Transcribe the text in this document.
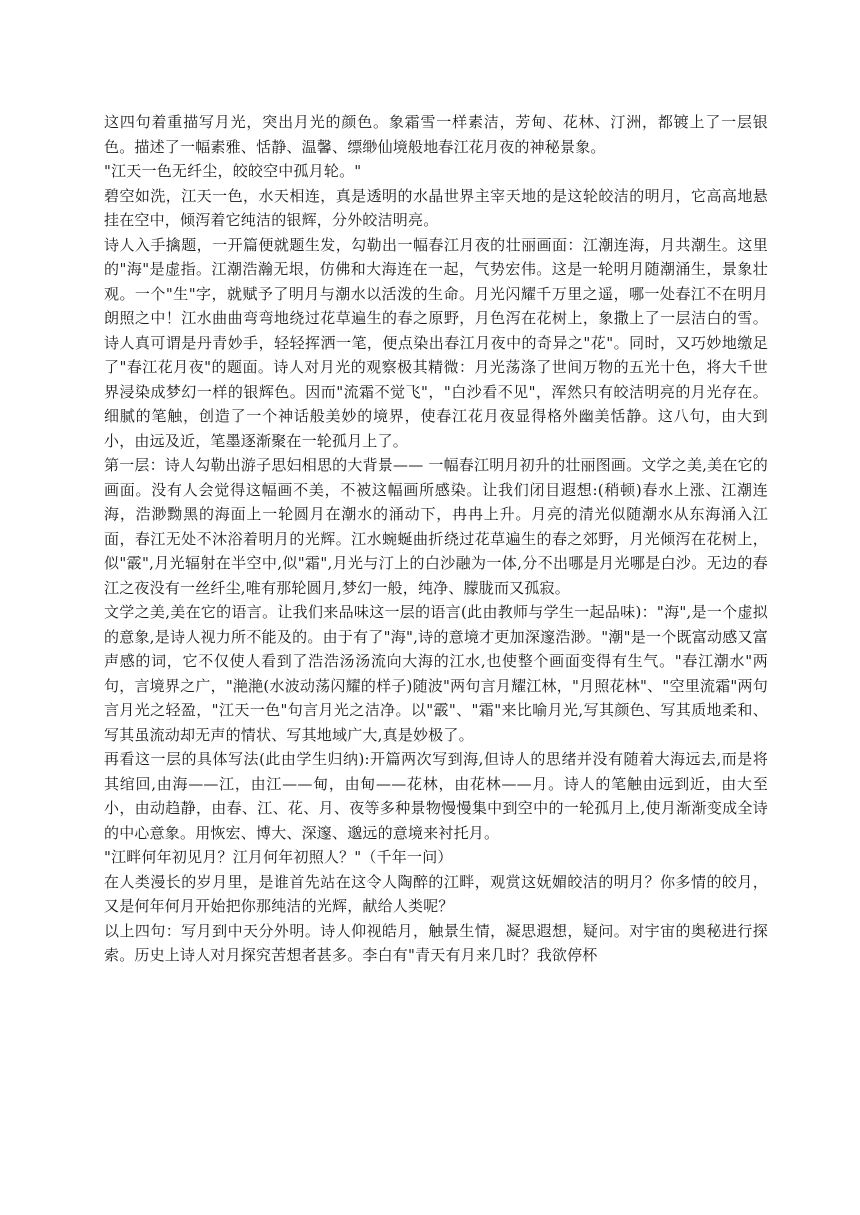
这四句着重描写月光，突出月光的颜色。象霜雪一样素洁，芳甸、花林、汀洲，都镀上了一层银色。描述了一幅素雅、恬静、温馨、缥缈仙境般地春江花月夜的神秘景象。

"江天一色无纤尘，皎皎空中孤月轮。"

碧空如洗，江天一色，水天相连，真是透明的水晶世界主宰天地的是这轮皎洁的明月，它高高地悬挂在空中，倾泻着它纯洁的银辉，分外皎洁明亮。

诗人入手擒题，一开篇便就题生发，勾勒出一幅春江月夜的壮丽画面：江潮连海，月共潮生。这里的"海"是虚指。江潮浩瀚无垠，仿佛和大海连在一起，气势宏伟。这是一轮明月随潮涌生，景象壮观。一个"生"字，就赋予了明月与潮水以活泼的生命。月光闪耀千万里之遥，哪一处春江不在明月朗照之中！江水曲曲弯弯地绕过花草遍生的春之原野，月色泻在花树上，象撒上了一层洁白的雪。诗人真可谓是丹青妙手，轻轻挥洒一笔，便点染出春江月夜中的奇异之"花"。同时，又巧妙地缴足了"春江花月夜"的题面。诗人对月光的观察极其精微：月光荡涤了世间万物的五光十色，将大千世界浸染成梦幻一样的银辉色。因而"流霜不觉飞"，"白沙看不见"，浑然只有皎洁明亮的月光存在。细腻的笔触，创造了一个神话般美妙的境界，使春江花月夜显得格外幽美恬静。这八句，由大到小，由远及近，笔墨逐渐聚在一轮孤月上了。

第一层：诗人勾勒出游子思妇相思的大背景—— 一幅春江明月初升的壮丽图画。文学之美,美在它的画面。没有人会觉得这幅画不美，不被这幅画所感染。让我们闭目遐想:(稍顿)春水上涨、江潮连海，浩渺黝黑的海面上一轮圆月在潮水的涌动下，冉冉上升。月亮的清光似随潮水从东海涌入江面，春江无处不沐浴着明月的光辉。江水蜿蜒曲折绕过花草遍生的春之郊野，月光倾泻在花树上，似"霰",月光辐射在半空中,似"霜",月光与汀上的白沙融为一体,分不出哪是月光哪是白沙。无边的春江之夜没有一丝纤尘,唯有那轮圆月,梦幻一般，纯净、朦胧而又孤寂。

文学之美,美在它的语言。让我们来品味这一层的语言(此由教师与学生一起品味)："海",是一个虚拟的意象,是诗人视力所不能及的。由于有了"海",诗的意境才更加深邃浩渺。"潮"是一个既富动感又富声感的词，它不仅使人看到了浩浩汤汤流向大海的江水,也使整个画面变得有生气。"春江潮水"两句，言境界之广，"滟滟(水波动荡闪耀的样子)随波"两句言月耀江林，"月照花林"、"空里流霜"两句言月光之轻盈，"江天一色"句言月光之洁净。以"霰"、"霜"来比喻月光,写其颜色、写其质地柔和、写其虽流动却无声的情状、写其地域广大,真是妙极了。

再看这一层的具体写法(此由学生归纳):开篇两次写到海,但诗人的思绪并没有随着大海远去,而是将其绾回,由海——江，由江——甸，由甸——花林，由花林——月。诗人的笔触由远到近，由大至小，由动趋静，由春、江、花、月、夜等多种景物慢慢集中到空中的一轮孤月上,使月渐渐变成全诗的中心意象。用恢宏、博大、深邃、邈远的意境来衬托月。

"江畔何年初见月？江月何年初照人？"（千年一问）

在人类漫长的岁月里，是谁首先站在这令人陶醉的江畔，观赏这妩媚皎洁的明月？你多情的皎月，又是何年何月开始把你那纯洁的光辉，献给人类呢？

以上四句：写月到中天分外明。诗人仰视皓月，触景生情，凝思遐想，疑问。对宇宙的奥秘进行探索。历史上诗人对月探究苦想者甚多。李白有"青天有月来几时？我欲停杯
